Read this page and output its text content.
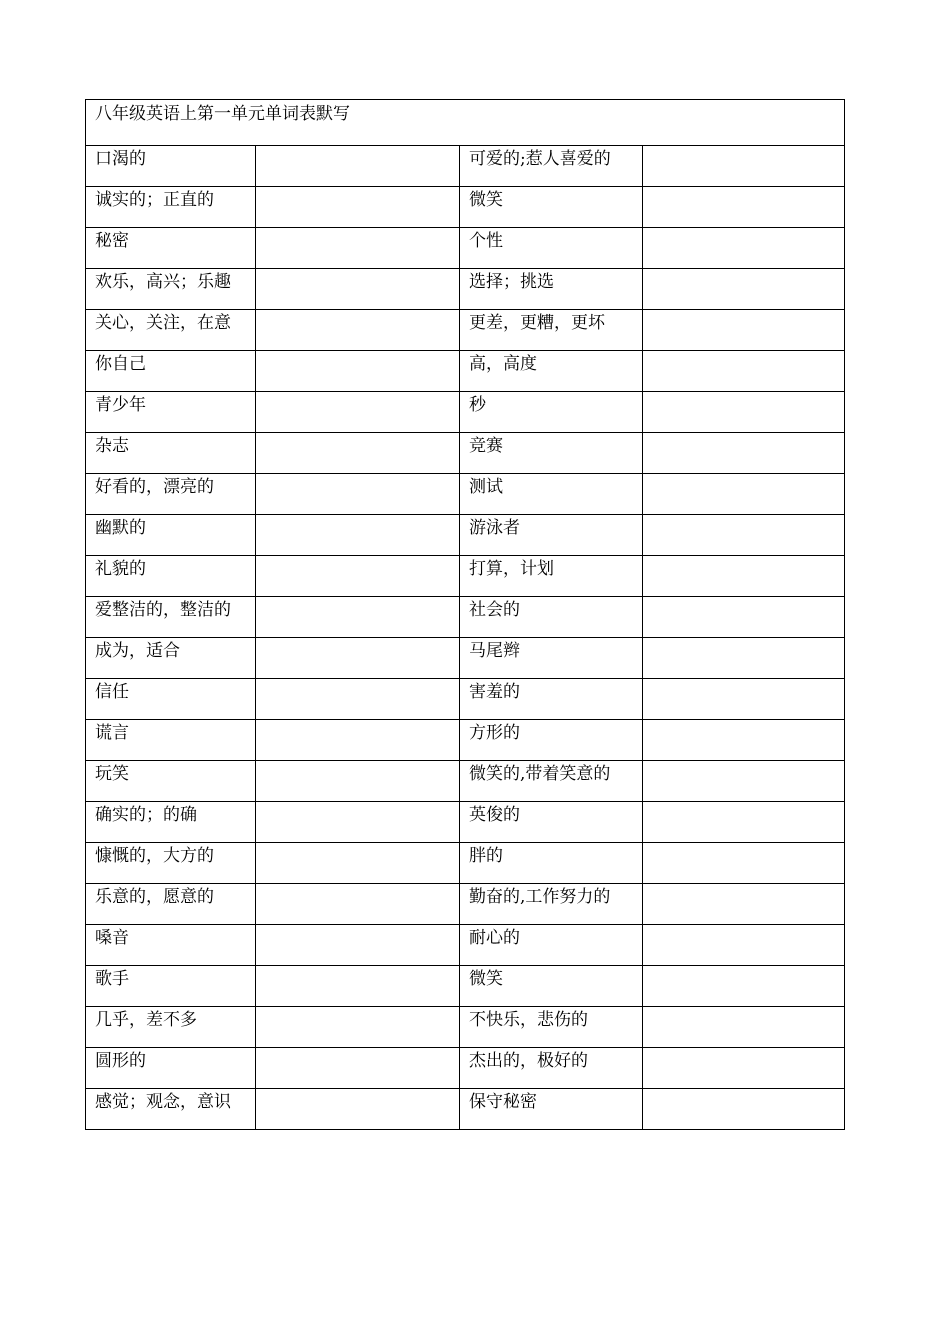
八年级英语上第一单元单词表默写			
口渴的		可爱的;惹人喜爱的	
诚实的；正直的		微笑	
秘密		个性	
欢乐，高兴；乐趣		选择；挑选	
关心，关注，在意		更差，更糟，更坏	
你自己		高，高度	
青少年		秒	
杂志		竞赛	
好看的，漂亮的		测试	
幽默的		游泳者	
礼貌的		打算，计划	
爱整洁的，整洁的		社会的	
成为，适合		马尾辫	
信任		害羞的	
谎言		方形的	
玩笑		微笑的,带着笑意的	
确实的；的确		英俊的	
慷慨的，大方的		胖的	
乐意的，愿意的		勤奋的,工作努力的	
嗓音		耐心的	
歌手		微笑	
几乎，差不多		不快乐，悲伤的	
圆形的		杰出的，极好的	
感觉；观念，意识		保守秘密	
